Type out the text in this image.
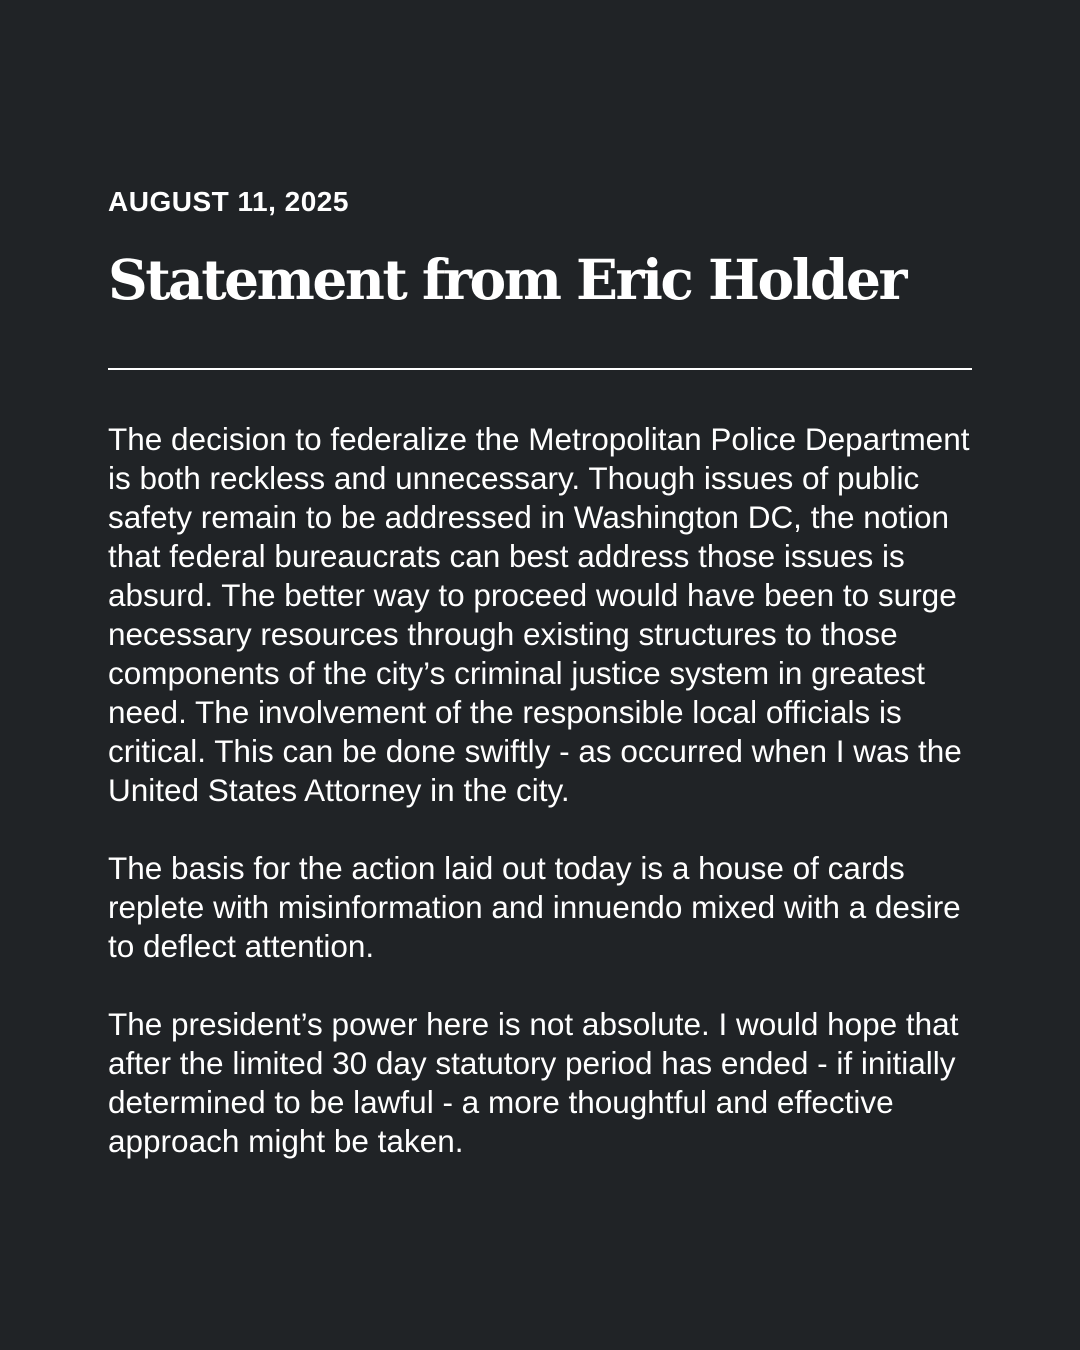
AUGUST 11, 2025
Statement from Eric Holder

The decision to federalize the Metropolitan Police Department is both reckless and unnecessary. Though issues of public safety remain to be addressed in Washington DC, the notion that federal bureaucrats can best address those issues is absurd. The better way to proceed would have been to surge necessary resources through existing structures to those components of the city’s criminal justice system in greatest need. The involvement of the responsible local officials is critical. This can be done swiftly - as occurred when I was the United States Attorney in the city.

The basis for the action laid out today is a house of cards replete with misinformation and innuendo mixed with a desire to deflect attention.

The president’s power here is not absolute. I would hope that after the limited 30 day statutory period has ended - if initially determined to be lawful - a more thoughtful and effective approach might be taken.
